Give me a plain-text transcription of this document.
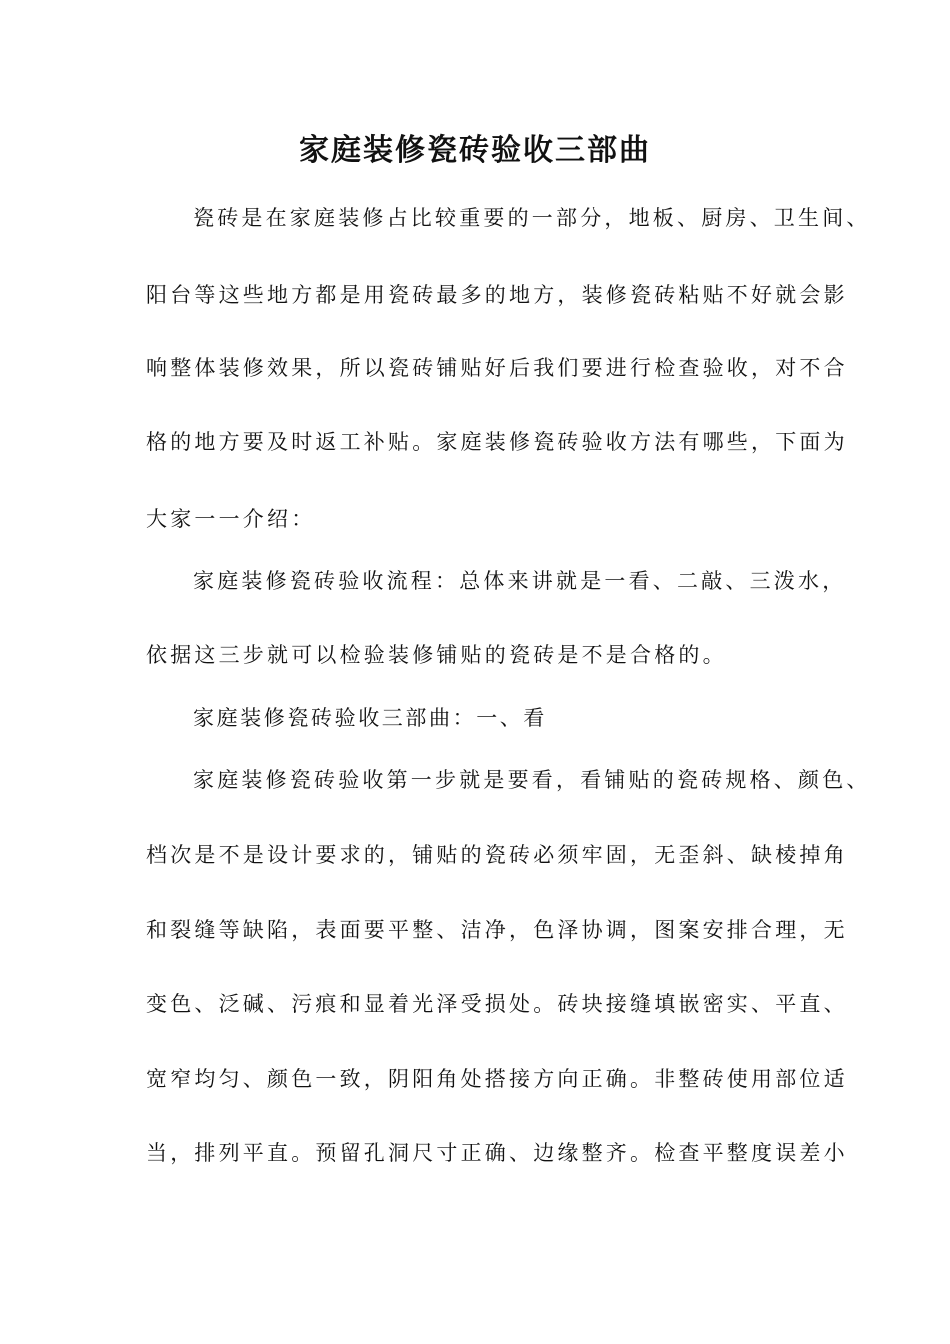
家庭装修瓷砖验收三部曲
瓷砖是在家庭装修占比较重要的一部分，地板、厨房、卫生间、
阳台等这些地方都是用瓷砖最多的地方，装修瓷砖粘贴不好就会影
响整体装修效果，所以瓷砖铺贴好后我们要进行检查验收，对不合
格的地方要及时返工补贴。家庭装修瓷砖验收方法有哪些，下面为
大家一一介绍：
家庭装修瓷砖验收流程：总体来讲就是一看、二敲、三泼水，
依据这三步就可以检验装修铺贴的瓷砖是不是合格的。
家庭装修瓷砖验收三部曲：一、看
家庭装修瓷砖验收第一步就是要看，看铺贴的瓷砖规格、颜色、
档次是不是设计要求的，铺贴的瓷砖必须牢固，无歪斜、缺棱掉角
和裂缝等缺陷，表面要平整、洁净，色泽协调，图案安排合理，无
变色、泛碱、污痕和显着光泽受损处。砖块接缝填嵌密实、平直、
宽窄均匀、颜色一致，阴阳角处搭接方向正确。非整砖使用部位适
当，排列平直。预留孔洞尺寸正确、边缘整齐。检查平整度误差小
